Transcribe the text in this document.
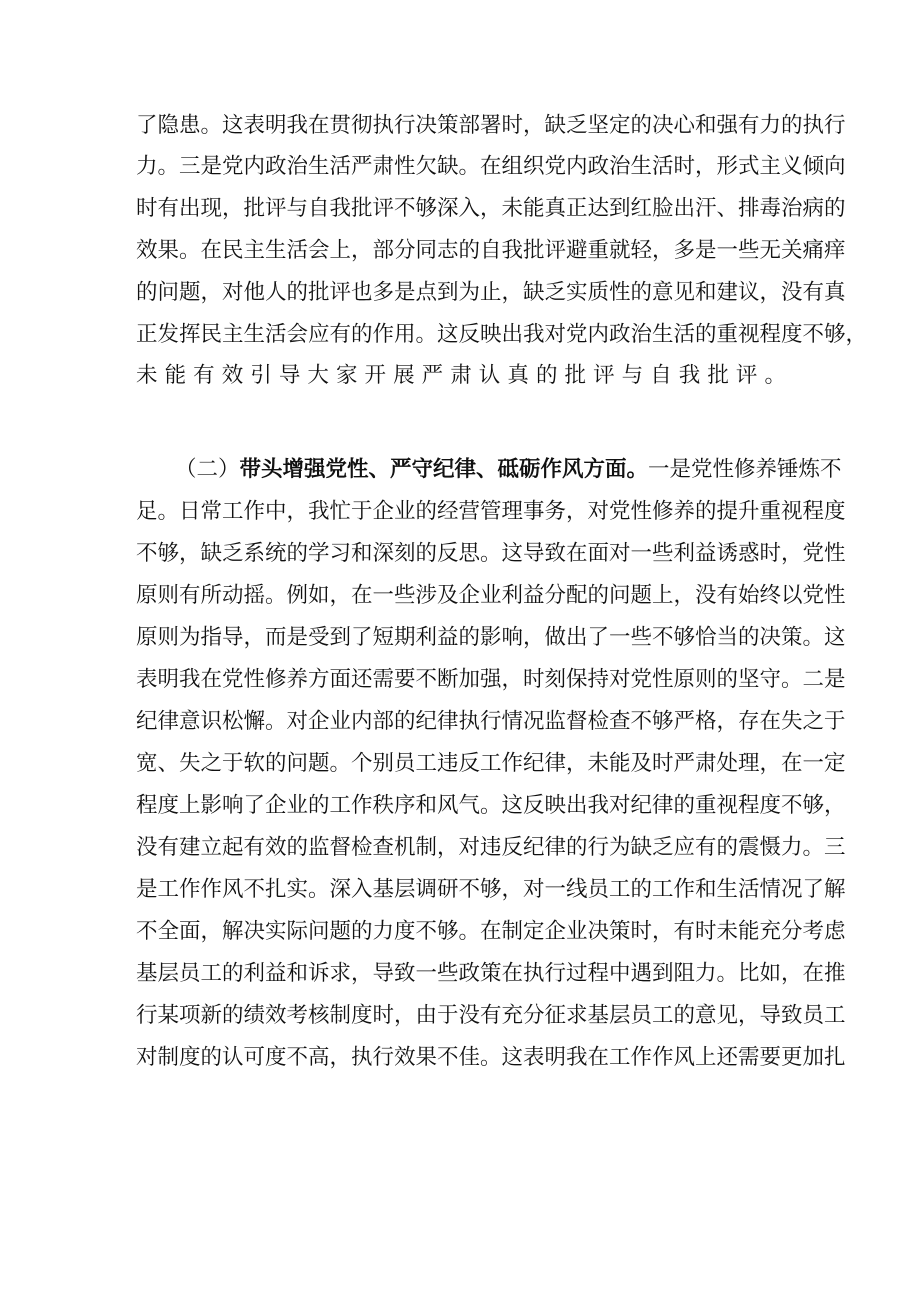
了隐患。这表明我在贯彻执行决策部署时，缺乏坚定的决心和强有力的执行
力。三是党内政治生活严肃性欠缺。在组织党内政治生活时，形式主义倾向
时有出现，批评与自我批评不够深入，未能真正达到红脸出汗、排毒治病的
效果。在民主生活会上，部分同志的自我批评避重就轻，多是一些无关痛痒
的问题，对他人的批评也多是点到为止，缺乏实质性的意见和建议，没有真
正发挥民主生活会应有的作用。这反映出我对党内政治生活的重视程度不够，
未能有效引导大家开展严肃认真的批评与自我批评。
（二）带头增强党性、严守纪律、砥砺作风方面。一是党性修养锤炼不
足。日常工作中，我忙于企业的经营管理事务，对党性修养的提升重视程度
不够，缺乏系统的学习和深刻的反思。这导致在面对一些利益诱惑时，党性
原则有所动摇。例如，在一些涉及企业利益分配的问题上，没有始终以党性
原则为指导，而是受到了短期利益的影响，做出了一些不够恰当的决策。这
表明我在党性修养方面还需要不断加强，时刻保持对党性原则的坚守。二是
纪律意识松懈。对企业内部的纪律执行情况监督检查不够严格，存在失之于
宽、失之于软的问题。个别员工违反工作纪律，未能及时严肃处理，在一定
程度上影响了企业的工作秩序和风气。这反映出我对纪律的重视程度不够，
没有建立起有效的监督检查机制，对违反纪律的行为缺乏应有的震慑力。三
是工作作风不扎实。深入基层调研不够，对一线员工的工作和生活情况了解
不全面，解决实际问题的力度不够。在制定企业决策时，有时未能充分考虑
基层员工的利益和诉求，导致一些政策在执行过程中遇到阻力。比如，在推
行某项新的绩效考核制度时，由于没有充分征求基层员工的意见，导致员工
对制度的认可度不高，执行效果不佳。这表明我在工作作风上还需要更加扎
